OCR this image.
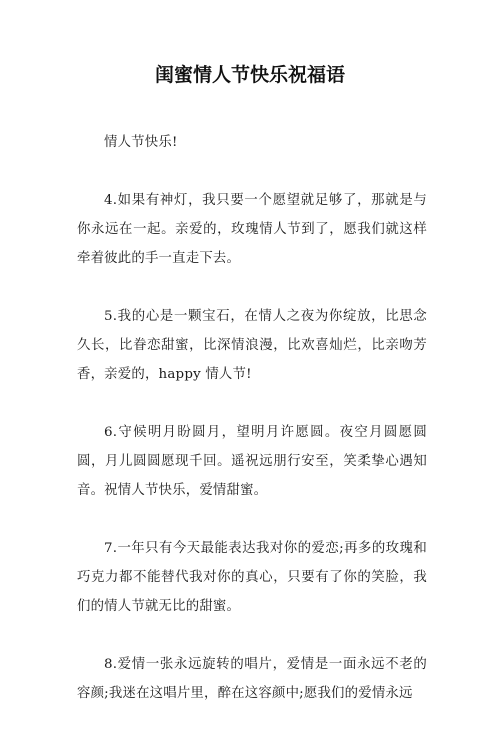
闺蜜情人节快乐祝福语

情人节快乐!

4.如果有神灯，我只要一个愿望就足够了，那就是与你永远在一起。亲爱的，玫瑰情人节到了，愿我们就这样牵着彼此的手一直走下去。

5.我的心是一颗宝石，在情人之夜为你绽放，比思念久长，比眷恋甜蜜，比深情浪漫，比欢喜灿烂，比亲吻芳香，亲爱的，happy 情人节!

6.守候明月盼圆月，望明月许愿圆。夜空月圆愿圆圆，月儿圆圆愿现千回。遥祝远朋行安至，笑柔挚心遇知音。祝情人节快乐，爱情甜蜜。

7.一年只有今天最能表达我对你的爱恋;再多的玫瑰和巧克力都不能替代我对你的真心，只要有了你的笑脸，我们的情人节就无比的甜蜜。

8.爱情一张永远旋转的唱片，爱情是一面永远不老的容颜;我迷在这唱片里，醉在这容颜中;愿我们的爱情永远
